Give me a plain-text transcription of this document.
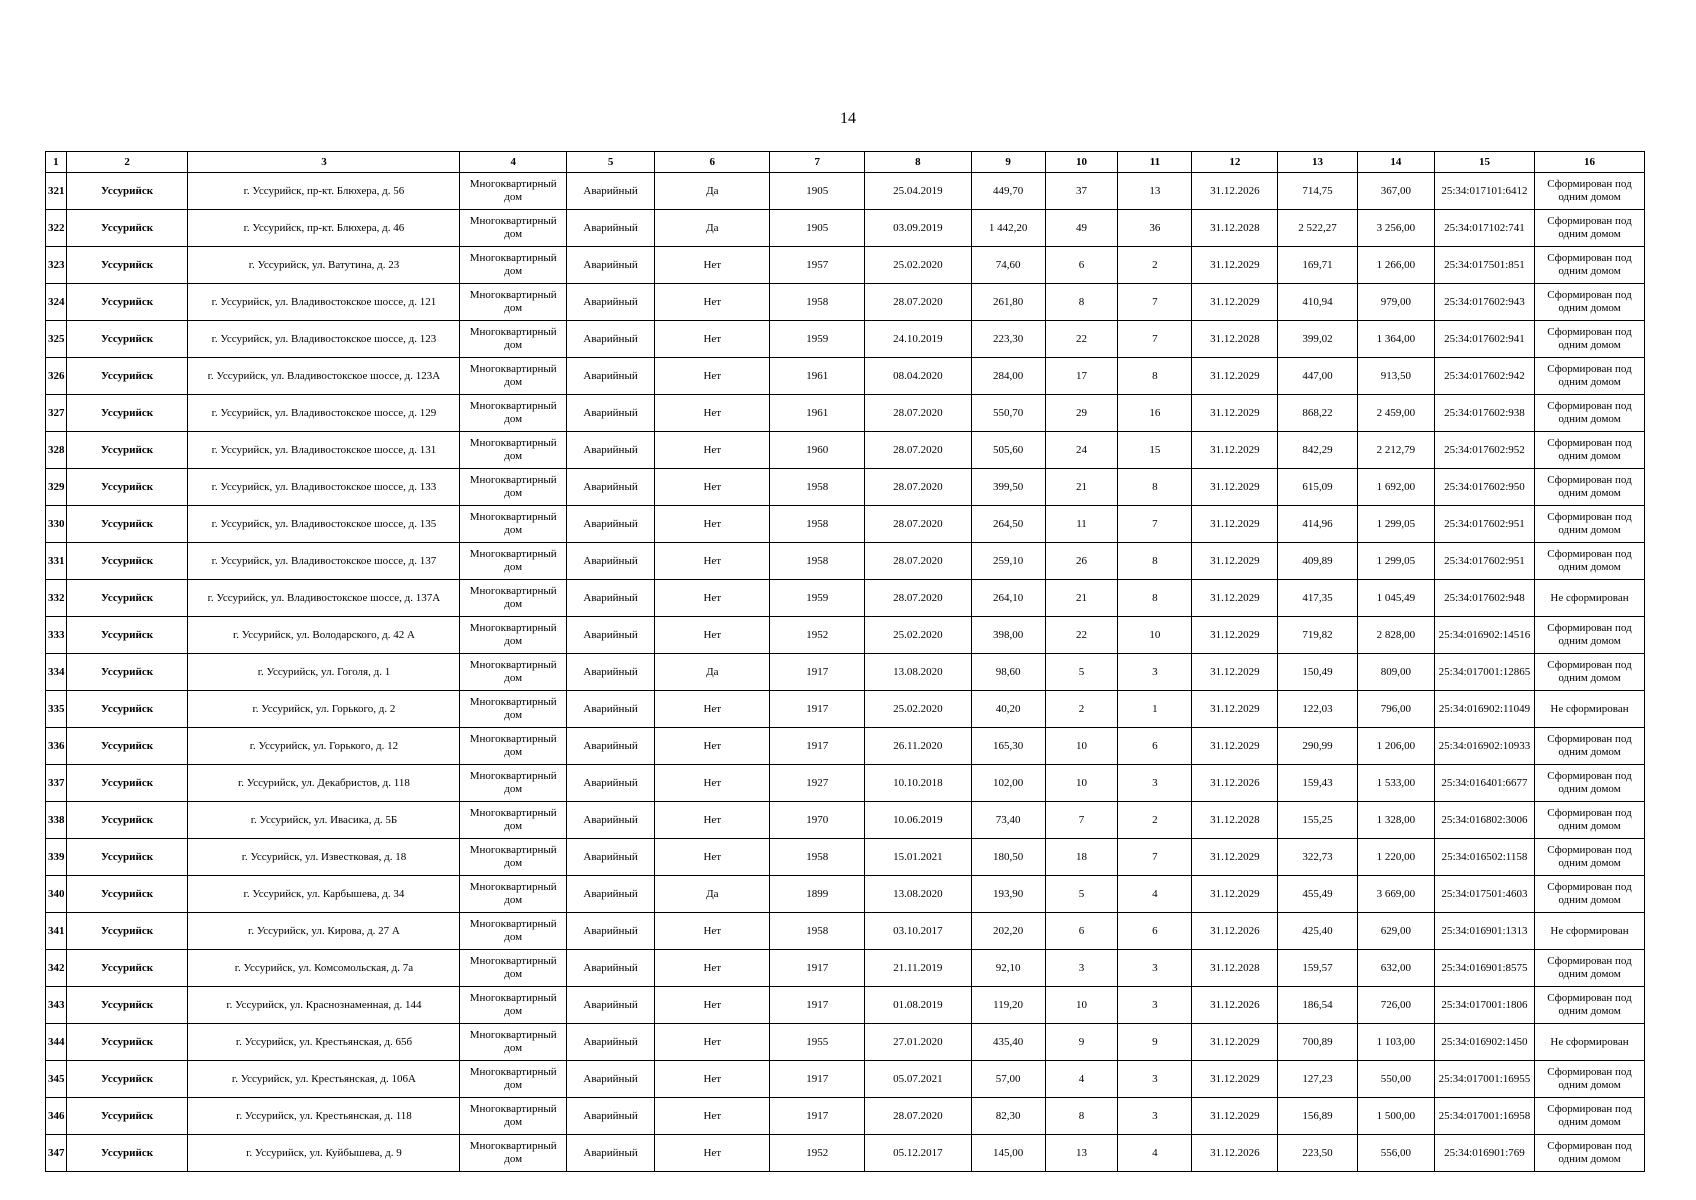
14
1	2	3	4	5	6	7	8	9	10	11	12	13	14	15	16
321	Уссурийск	г. Уссурийск, пр-кт. Блюхера, д. 56	Многоквартирный дом	Аварийный	Да	1905	25.04.2019	449,70	37	13	31.12.2026	714,75	367,00	25:34:017101:6412	Сформирован под одним домом
322	Уссурийск	г. Уссурийск, пр-кт. Блюхера, д. 46	Многоквартирный дом	Аварийный	Да	1905	03.09.2019	1 442,20	49	36	31.12.2028	2 522,27	3 256,00	25:34:017102:741	Сформирован под одним домом
323	Уссурийск	г. Уссурийск, ул. Ватутина, д. 23	Многоквартирный дом	Аварийный	Нет	1957	25.02.2020	74,60	6	2	31.12.2029	169,71	1 266,00	25:34:017501:851	Сформирован под одним домом
324	Уссурийск	г. Уссурийск, ул. Владивостокское шоссе, д. 121	Многоквартирный дом	Аварийный	Нет	1958	28.07.2020	261,80	8	7	31.12.2029	410,94	979,00	25:34:017602:943	Сформирован под одним домом
325	Уссурийск	г. Уссурийск, ул. Владивостокское шоссе, д. 123	Многоквартирный дом	Аварийный	Нет	1959	24.10.2019	223,30	22	7	31.12.2028	399,02	1 364,00	25:34:017602:941	Сформирован под одним домом
326	Уссурийск	г. Уссурийск, ул. Владивостокское шоссе, д. 123А	Многоквартирный дом	Аварийный	Нет	1961	08.04.2020	284,00	17	8	31.12.2029	447,00	913,50	25:34:017602:942	Сформирован под одним домом
327	Уссурийск	г. Уссурийск, ул. Владивостокское шоссе, д. 129	Многоквартирный дом	Аварийный	Нет	1961	28.07.2020	550,70	29	16	31.12.2029	868,22	2 459,00	25:34:017602:938	Сформирован под одним домом
328	Уссурийск	г. Уссурийск, ул. Владивостокское шоссе, д. 131	Многоквартирный дом	Аварийный	Нет	1960	28.07.2020	505,60	24	15	31.12.2029	842,29	2 212,79	25:34:017602:952	Сформирован под одним домом
329	Уссурийск	г. Уссурийск, ул. Владивостокское шоссе, д. 133	Многоквартирный дом	Аварийный	Нет	1958	28.07.2020	399,50	21	8	31.12.2029	615,09	1 692,00	25:34:017602:950	Сформирован под одним домом
330	Уссурийск	г. Уссурийск, ул. Владивостокское шоссе, д. 135	Многоквартирный дом	Аварийный	Нет	1958	28.07.2020	264,50	11	7	31.12.2029	414,96	1 299,05	25:34:017602:951	Сформирован под одним домом
331	Уссурийск	г. Уссурийск, ул. Владивостокское шоссе, д. 137	Многоквартирный дом	Аварийный	Нет	1958	28.07.2020	259,10	26	8	31.12.2029	409,89	1 299,05	25:34:017602:951	Сформирован под одним домом
332	Уссурийск	г. Уссурийск, ул. Владивостокское шоссе, д. 137А	Многоквартирный дом	Аварийный	Нет	1959	28.07.2020	264,10	21	8	31.12.2029	417,35	1 045,49	25:34:017602:948	Не сформирован
333	Уссурийск	г. Уссурийск, ул. Володарского, д. 42 А	Многоквартирный дом	Аварийный	Нет	1952	25.02.2020	398,00	22	10	31.12.2029	719,82	2 828,00	25:34:016902:14516	Сформирован под одним домом
334	Уссурийск	г. Уссурийск, ул. Гоголя, д. 1	Многоквартирный дом	Аварийный	Да	1917	13.08.2020	98,60	5	3	31.12.2029	150,49	809,00	25:34:017001:12865	Сформирован под одним домом
335	Уссурийск	г. Уссурийск, ул. Горького, д. 2	Многоквартирный дом	Аварийный	Нет	1917	25.02.2020	40,20	2	1	31.12.2029	122,03	796,00	25:34:016902:11049	Не сформирован
336	Уссурийск	г. Уссурийск, ул. Горького, д. 12	Многоквартирный дом	Аварийный	Нет	1917	26.11.2020	165,30	10	6	31.12.2029	290,99	1 206,00	25:34:016902:10933	Сформирован под одним домом
337	Уссурийск	г. Уссурийск, ул. Декабристов, д. 118	Многоквартирный дом	Аварийный	Нет	1927	10.10.2018	102,00	10	3	31.12.2026	159,43	1 533,00	25:34:016401:6677	Сформирован под одним домом
338	Уссурийск	г. Уссурийск, ул. Ивасика, д. 5Б	Многоквартирный дом	Аварийный	Нет	1970	10.06.2019	73,40	7	2	31.12.2028	155,25	1 328,00	25:34:016802:3006	Сформирован под одним домом
339	Уссурийск	г. Уссурийск, ул. Известковая, д. 18	Многоквартирный дом	Аварийный	Нет	1958	15.01.2021	180,50	18	7	31.12.2029	322,73	1 220,00	25:34:016502:1158	Сформирован под одним домом
340	Уссурийск	г. Уссурийск, ул. Карбышева, д. 34	Многоквартирный дом	Аварийный	Да	1899	13.08.2020	193,90	5	4	31.12.2029	455,49	3 669,00	25:34:017501:4603	Сформирован под одним домом
341	Уссурийск	г. Уссурийск, ул. Кирова, д. 27 А	Многоквартирный дом	Аварийный	Нет	1958	03.10.2017	202,20	6	6	31.12.2026	425,40	629,00	25:34:016901:1313	Не сформирован
342	Уссурийск	г. Уссурийск, ул. Комсомольская, д. 7а	Многоквартирный дом	Аварийный	Нет	1917	21.11.2019	92,10	3	3	31.12.2028	159,57	632,00	25:34:016901:8575	Сформирован под одним домом
343	Уссурийск	г. Уссурийск, ул. Краснознаменная, д. 144	Многоквартирный дом	Аварийный	Нет	1917	01.08.2019	119,20	10	3	31.12.2026	186,54	726,00	25:34:017001:1806	Сформирован под одним домом
344	Уссурийск	г. Уссурийск, ул. Крестьянская, д. 65б	Многоквартирный дом	Аварийный	Нет	1955	27.01.2020	435,40	9	9	31.12.2029	700,89	1 103,00	25:34:016902:1450	Не сформирован
345	Уссурийск	г. Уссурийск, ул. Крестьянская, д. 106А	Многоквартирный дом	Аварийный	Нет	1917	05.07.2021	57,00	4	3	31.12.2029	127,23	550,00	25:34:017001:16955	Сформирован под одним домом
346	Уссурийск	г. Уссурийск, ул. Крестьянская, д. 118	Многоквартирный дом	Аварийный	Нет	1917	28.07.2020	82,30	8	3	31.12.2029	156,89	1 500,00	25:34:017001:16958	Сформирован под одним домом
347	Уссурийск	г. Уссурийск, ул. Куйбышева, д. 9	Многоквартирный дом	Аварийный	Нет	1952	05.12.2017	145,00	13	4	31.12.2026	223,50	556,00	25:34:016901:769	Сформирован под одним домом
